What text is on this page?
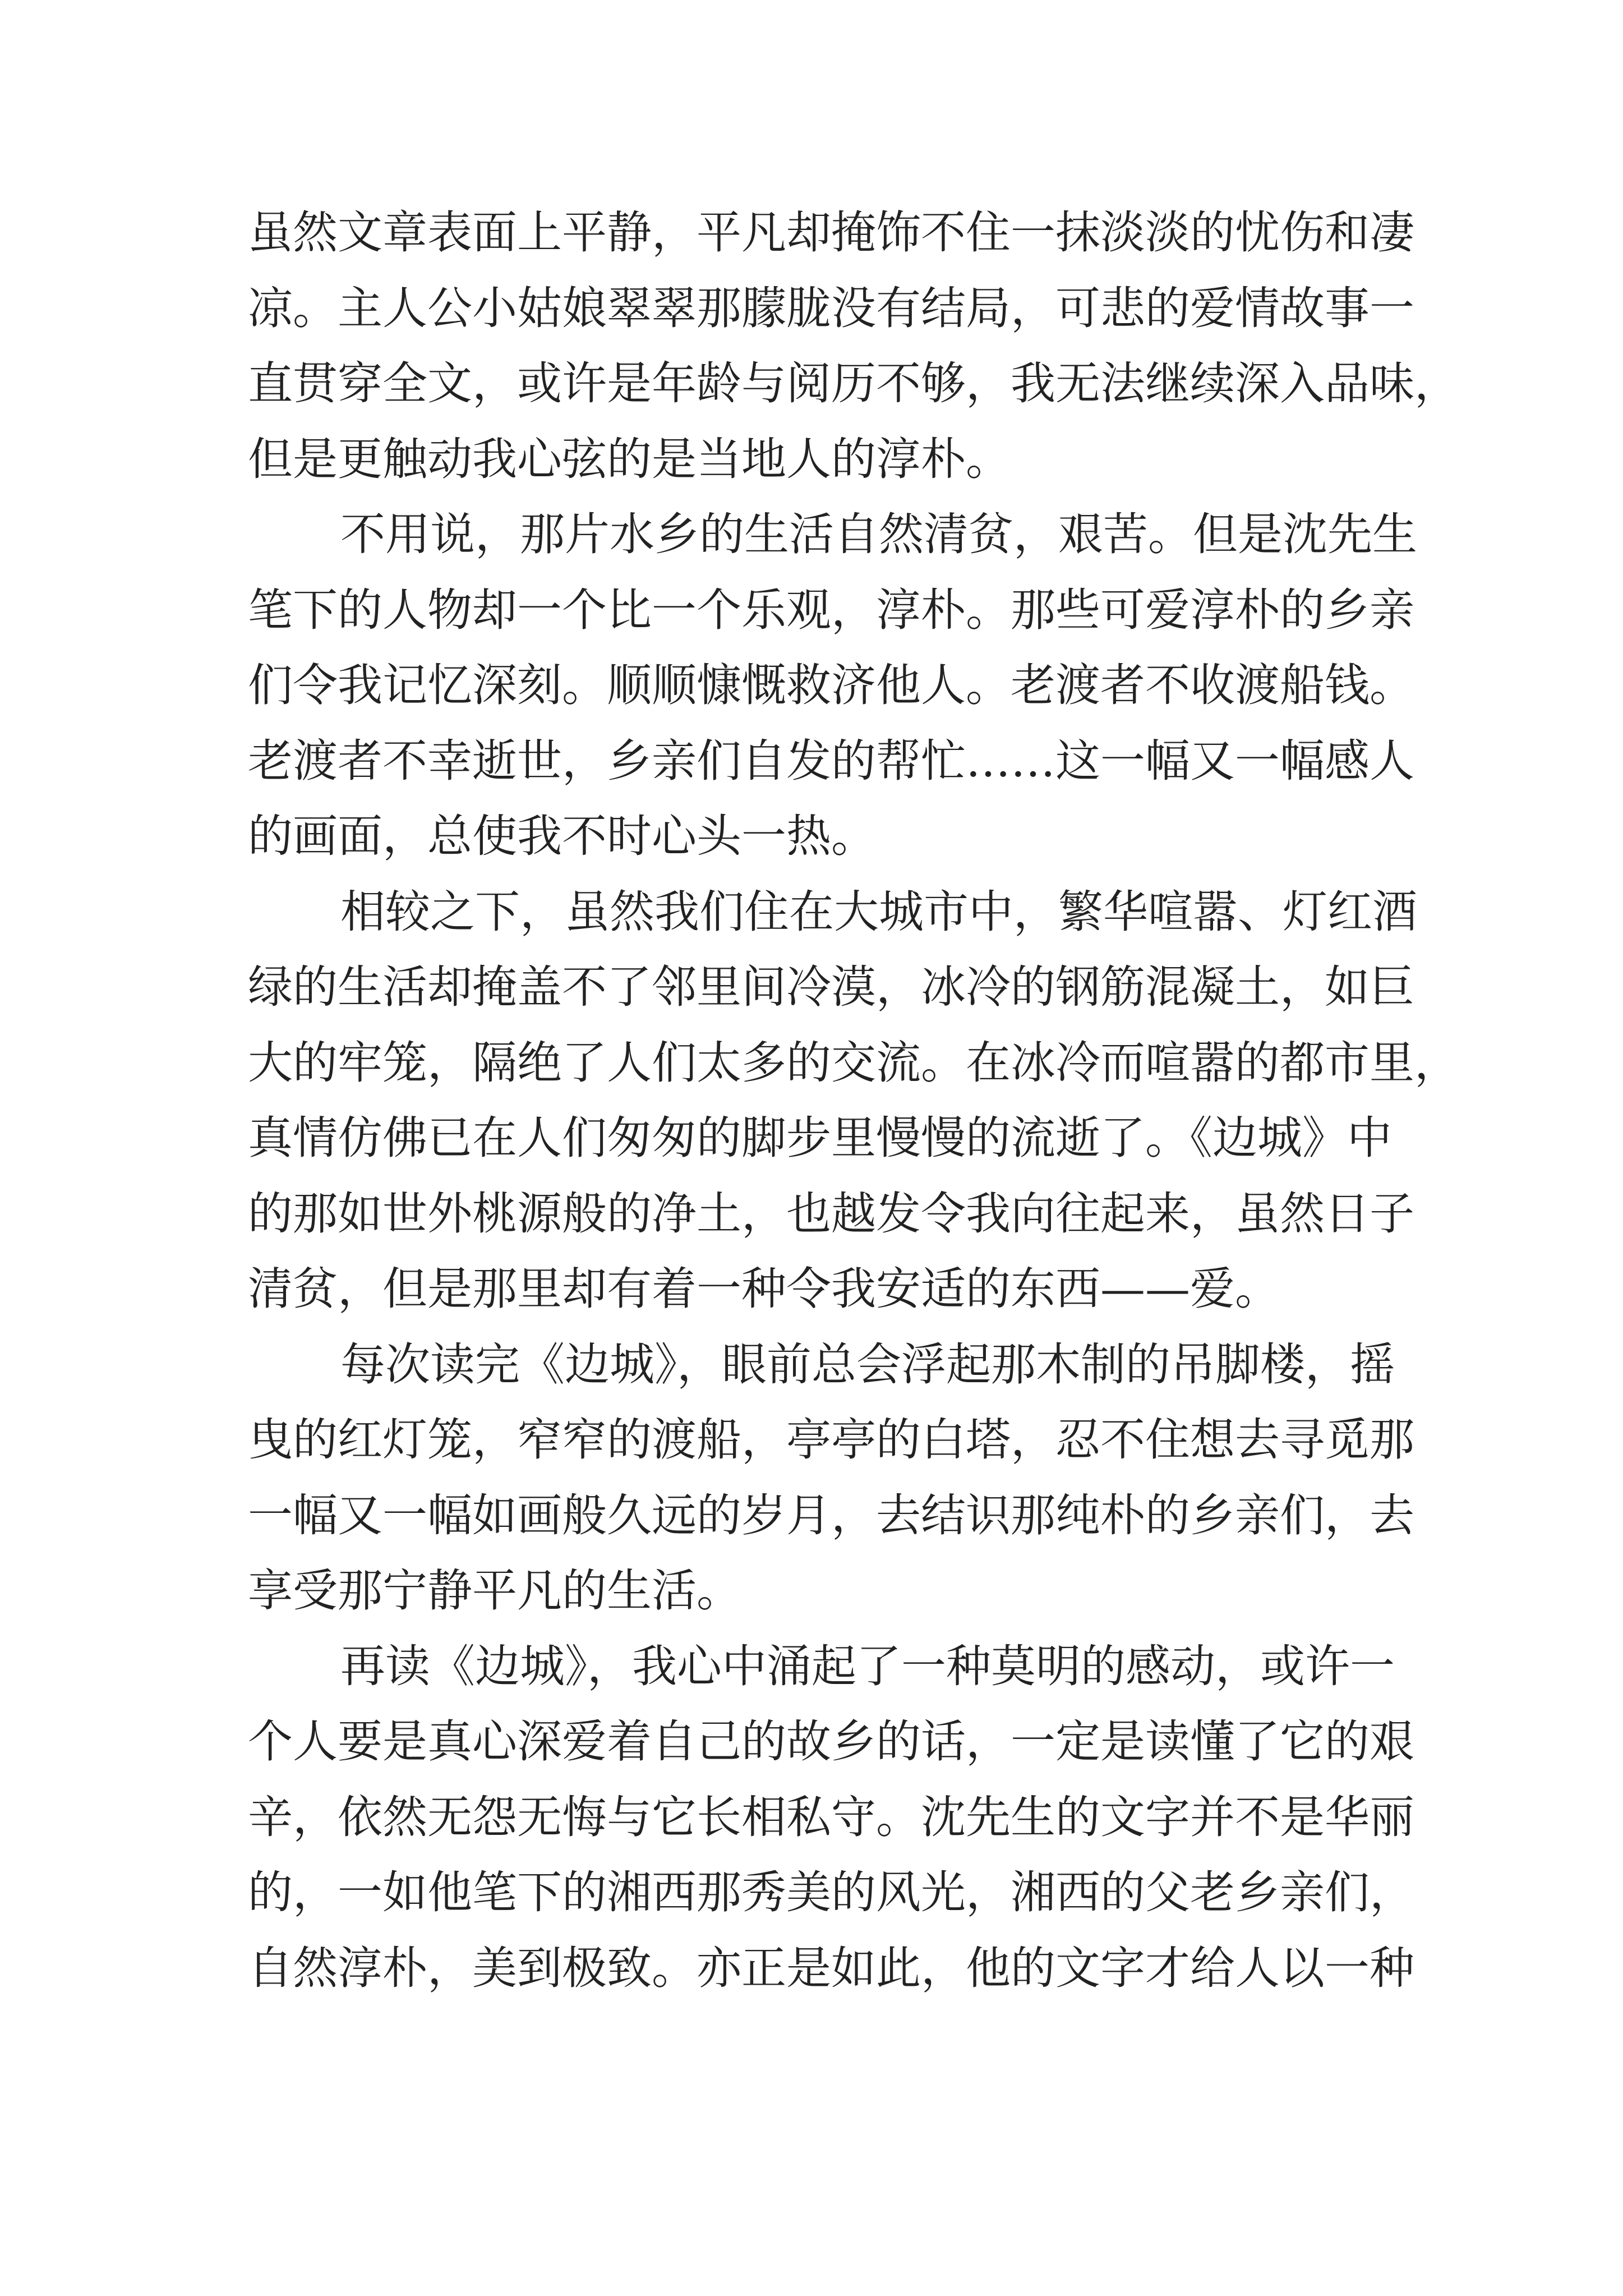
虽然文章表面上平静，平凡却掩饰不住一抹淡淡的忧伤和凄
凉。主人公小姑娘翠翠那朦胧没有结局，可悲的爱情故事一
直贯穿全文，或许是年龄与阅历不够，我无法继续深入品味，
但是更触动我心弦的是当地人的淳朴。
不用说，那片水乡的生活自然清贫，艰苦。但是沈先生
笔下的人物却一个比一个乐观，淳朴。那些可爱淳朴的乡亲
们令我记忆深刻。顺顺慷慨救济他人。老渡者不收渡船钱。
老渡者不幸逝世，乡亲们自发的帮忙……这一幅又一幅感人
的画面，总使我不时心头一热。
相较之下，虽然我们住在大城市中，繁华喧嚣、灯红酒
绿的生活却掩盖不了邻里间冷漠，冰冷的钢筋混凝土，如巨
大的牢笼，隔绝了人们太多的交流。在冰冷而喧嚣的都市里，
真情仿佛已在人们匆匆的脚步里慢慢的流逝了。《边城》中
的那如世外桃源般的净土，也越发令我向往起来，虽然日子
清贫，但是那里却有着一种令我安适的东西——爱。
每次读完《边城》，眼前总会浮起那木制的吊脚楼，摇
曳的红灯笼，窄窄的渡船，亭亭的白塔，忍不住想去寻觅那
一幅又一幅如画般久远的岁月，去结识那纯朴的乡亲们，去
享受那宁静平凡的生活。
再读《边城》，我心中涌起了一种莫明的感动，或许一
个人要是真心深爱着自己的故乡的话，一定是读懂了它的艰
辛，依然无怨无悔与它长相私守。沈先生的文字并不是华丽
的，一如他笔下的湘西那秀美的风光，湘西的父老乡亲们，
自然淳朴，美到极致。亦正是如此，他的文字才给人以一种
